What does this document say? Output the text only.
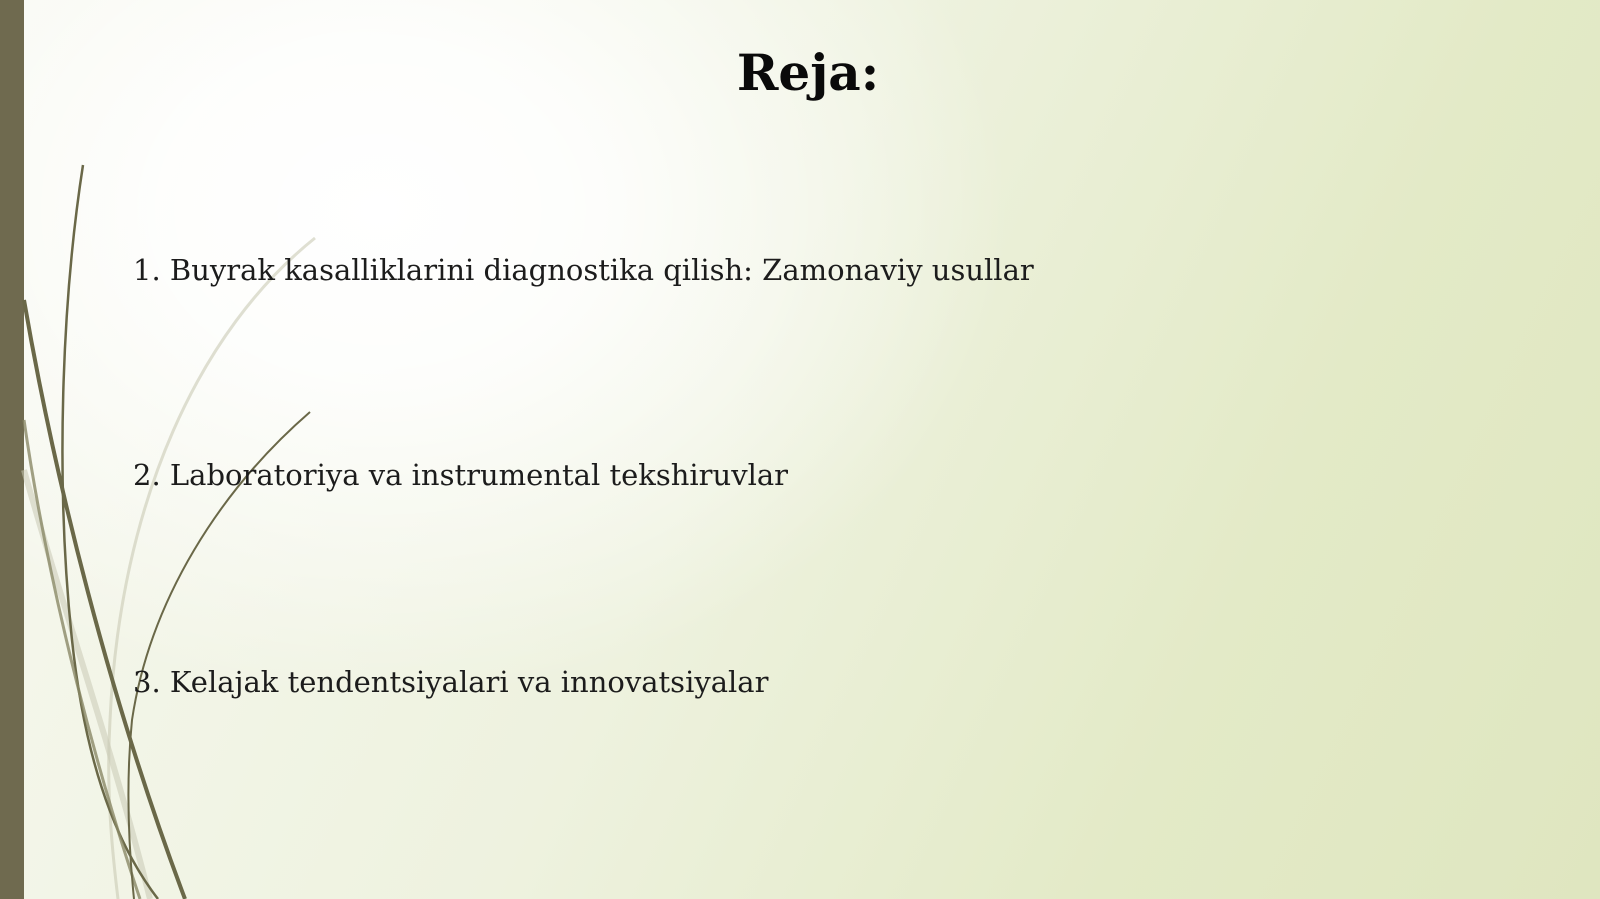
Reja:

1. Buyrak kasalliklarini diagnostika qilish: Zamonaviy usullar

2. Laboratoriya va instrumental tekshiruvlar

3. Kelajak tendentsiyalari va innovatsiyalar
